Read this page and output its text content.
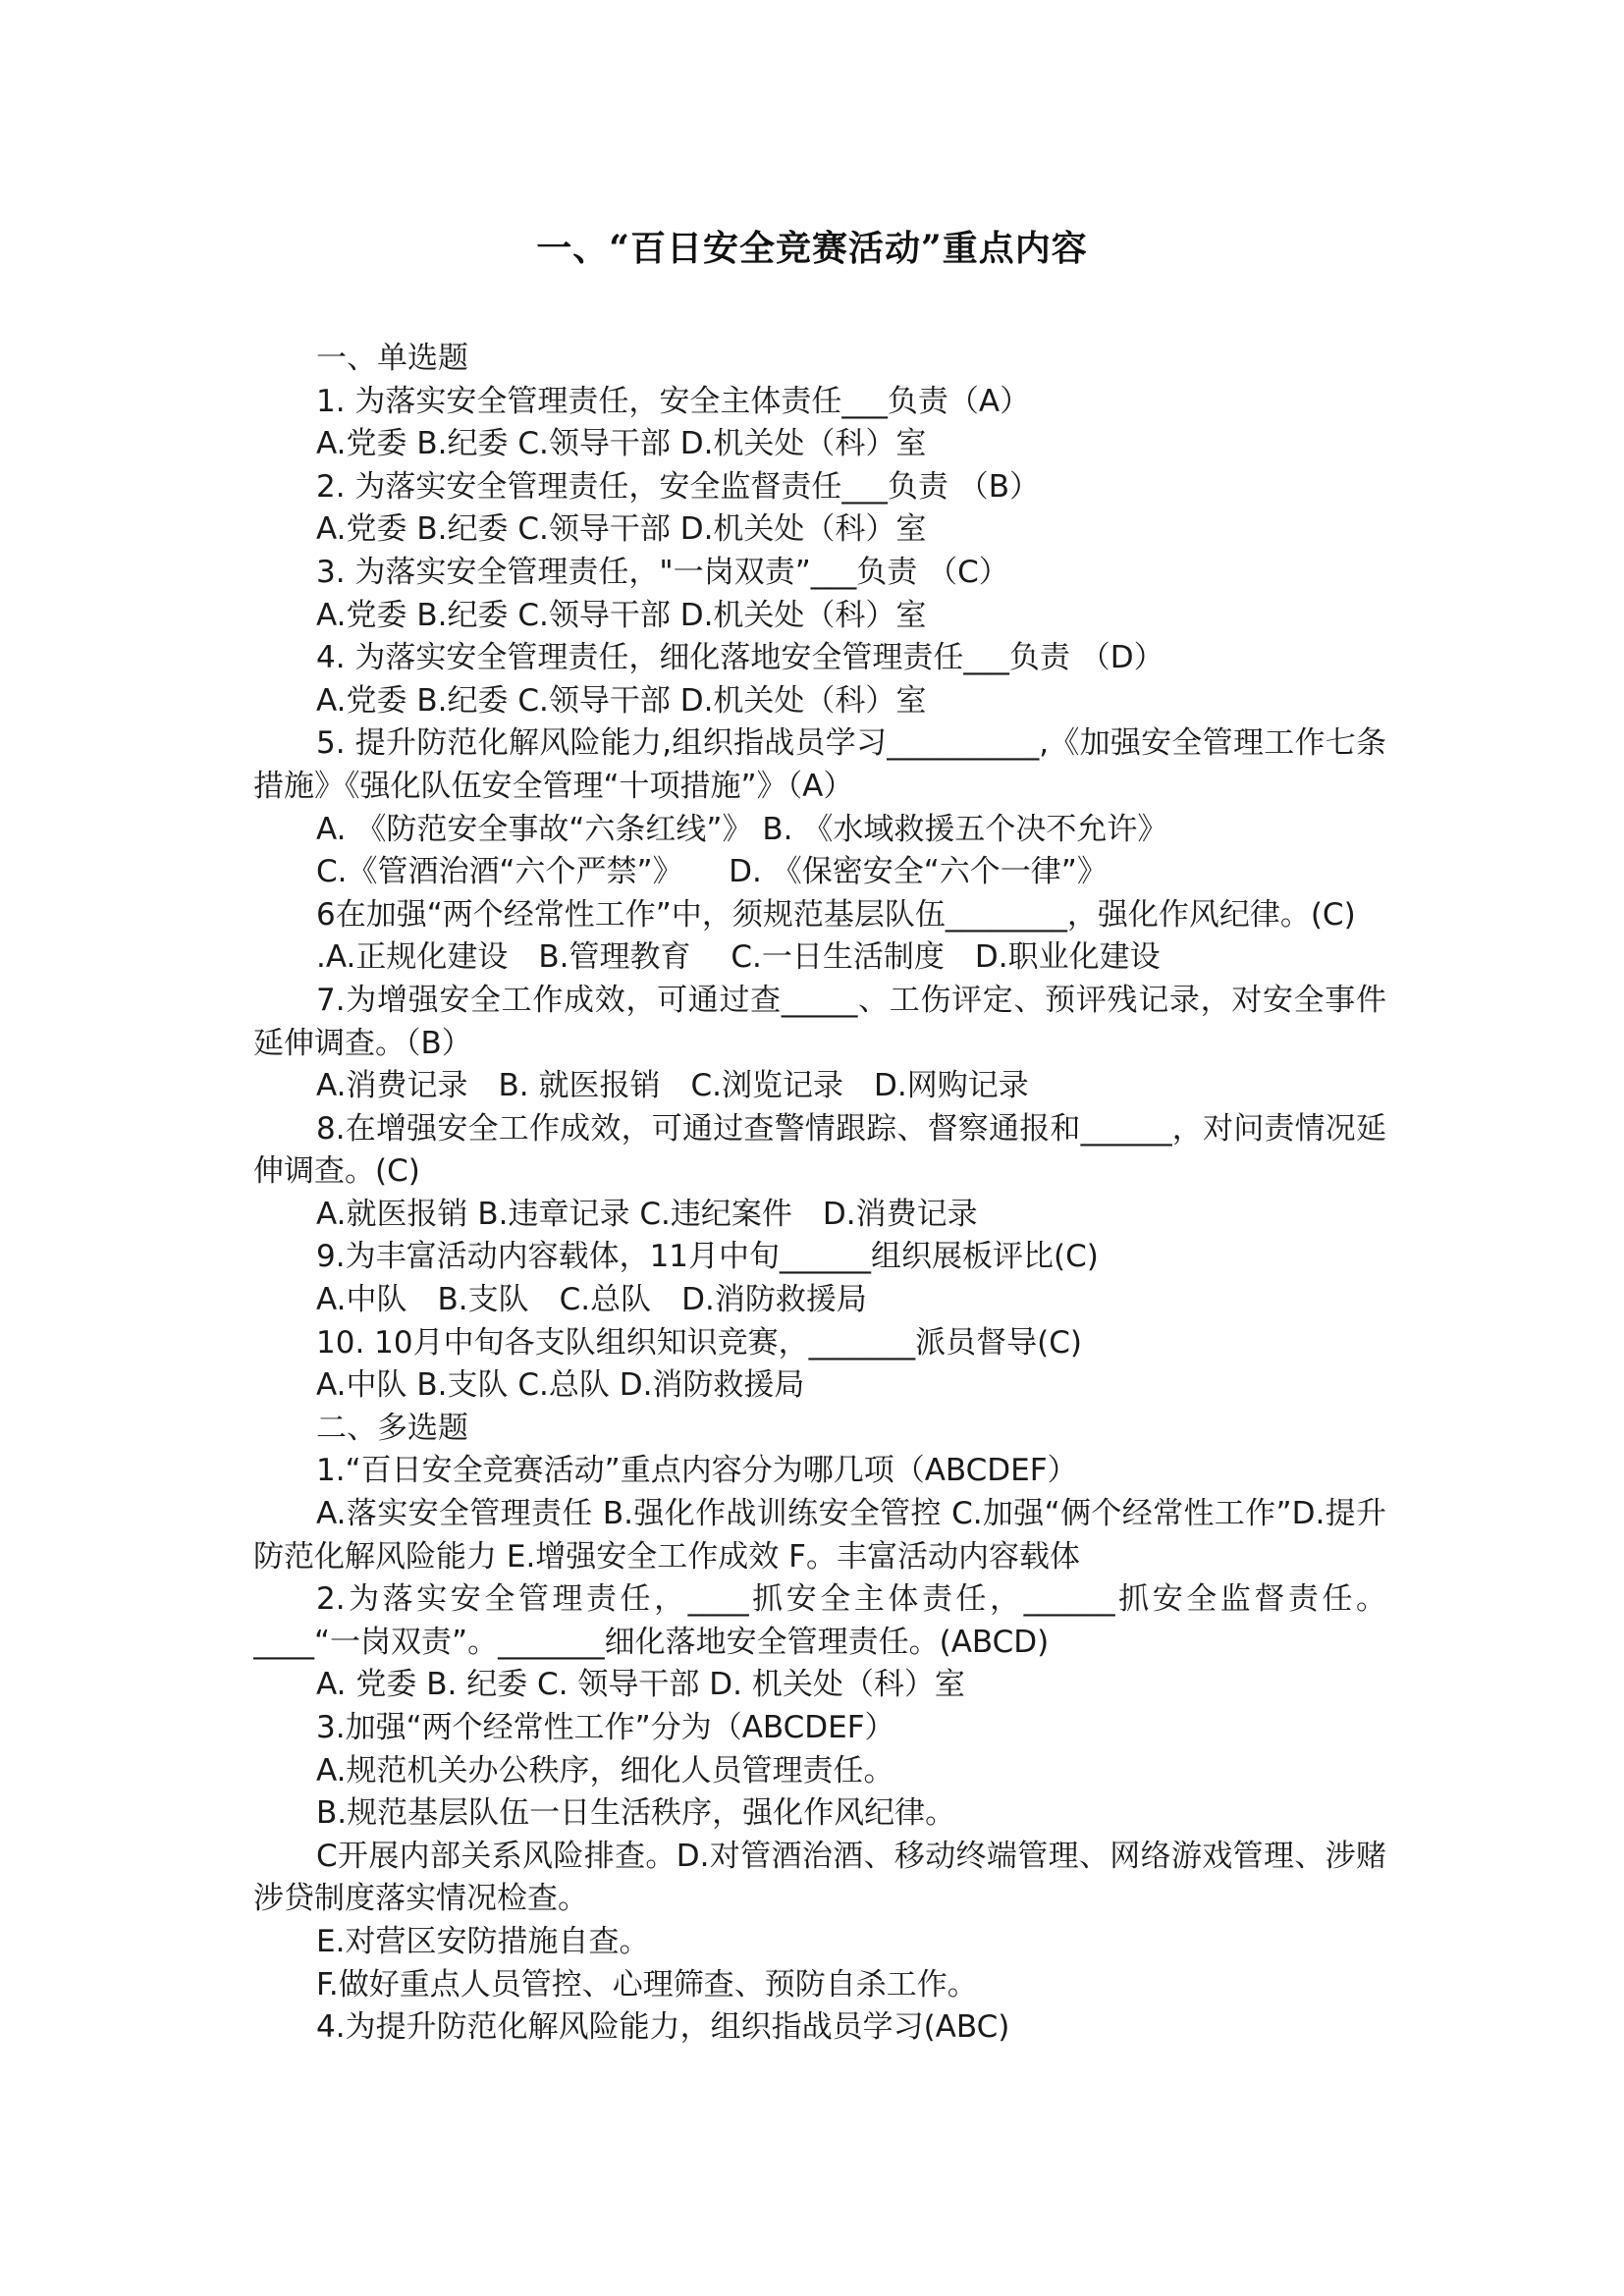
一、“百日安全竞赛活动”重点内容

一、单选题

1. 为落实安全管理责任，安全主体责任___负责（A）

A.党委 B.纪委 C.领导干部 D.机关处（科）室

2. 为落实安全管理责任，安全监督责任___负责 （B）

A.党委 B.纪委 C.领导干部 D.机关处（科）室

3. 为落实安全管理责任，"一岗双责”___负责 （C）

A.党委 B.纪委 C.领导干部 D.机关处（科）室

4. 为落实安全管理责任，细化落地安全管理责任___负责 （D）

A.党委 B.纪委 C.领导干部 D.机关处（科）室

5. 提升防范化解风险能力,组织指战员学习__________,《加强安全管理工作七条措施》《强化队伍安全管理“十项措施”》（A）

A. 《防范安全事故“六条红线”》 B. 《水域救援五个决不允许》

C.《管酒治酒“六个严禁”》　　D. 《保密安全“六个一律”》

6在加强“两个经常性工作”中，须规范基层队伍________，强化作风纪律。(C)

.A.正规化建设　B.管理教育　 C.一日生活制度　D.职业化建设

7.为增强安全工作成效，可通过查_____、工伤评定、预评残记录，对安全事件延伸调查。（B）

A.消费记录　B. 就医报销　C.浏览记录　D.网购记录

8.在增强安全工作成效，可通过查警情跟踪、督察通报和______，对问责情况延伸调查。(C)

A.就医报销 B.违章记录 C.违纪案件　D.消费记录

9.为丰富活动内容载体，11月中旬______组织展板评比(C)

A.中队　B.支队　C.总队　D.消防救援局

10. 10月中旬各支队组织知识竞赛，_______派员督导(C)

A.中队 B.支队 C.总队 D.消防救援局

二、多选题

1.“百日安全竞赛活动”重点内容分为哪几项（ABCDEF）

A.落实安全管理责任 B.强化作战训练安全管控 C.加强“俩个经常性工作”D.提升防范化解风险能力 E.增强安全工作成效 F。丰富活动内容载体

2.为落实安全管理责任，____抓安全主体责任，______抓安全监督责任。____“一岗双责”。_______细化落地安全管理责任。(ABCD)

A. 党委 B. 纪委 C. 领导干部 D. 机关处（科）室

3.加强“两个经常性工作”分为（ABCDEF）

A.规范机关办公秩序，细化人员管理责任。

B.规范基层队伍一日生活秩序，强化作风纪律。

C开展内部关系风险排查。D.对管酒治酒、移动终端管理、网络游戏管理、涉赌涉贷制度落实情况检查。

E.对营区安防措施自查。

F.做好重点人员管控、心理筛查、预防自杀工作。

4.为提升防范化解风险能力，组织指战员学习(ABC)
